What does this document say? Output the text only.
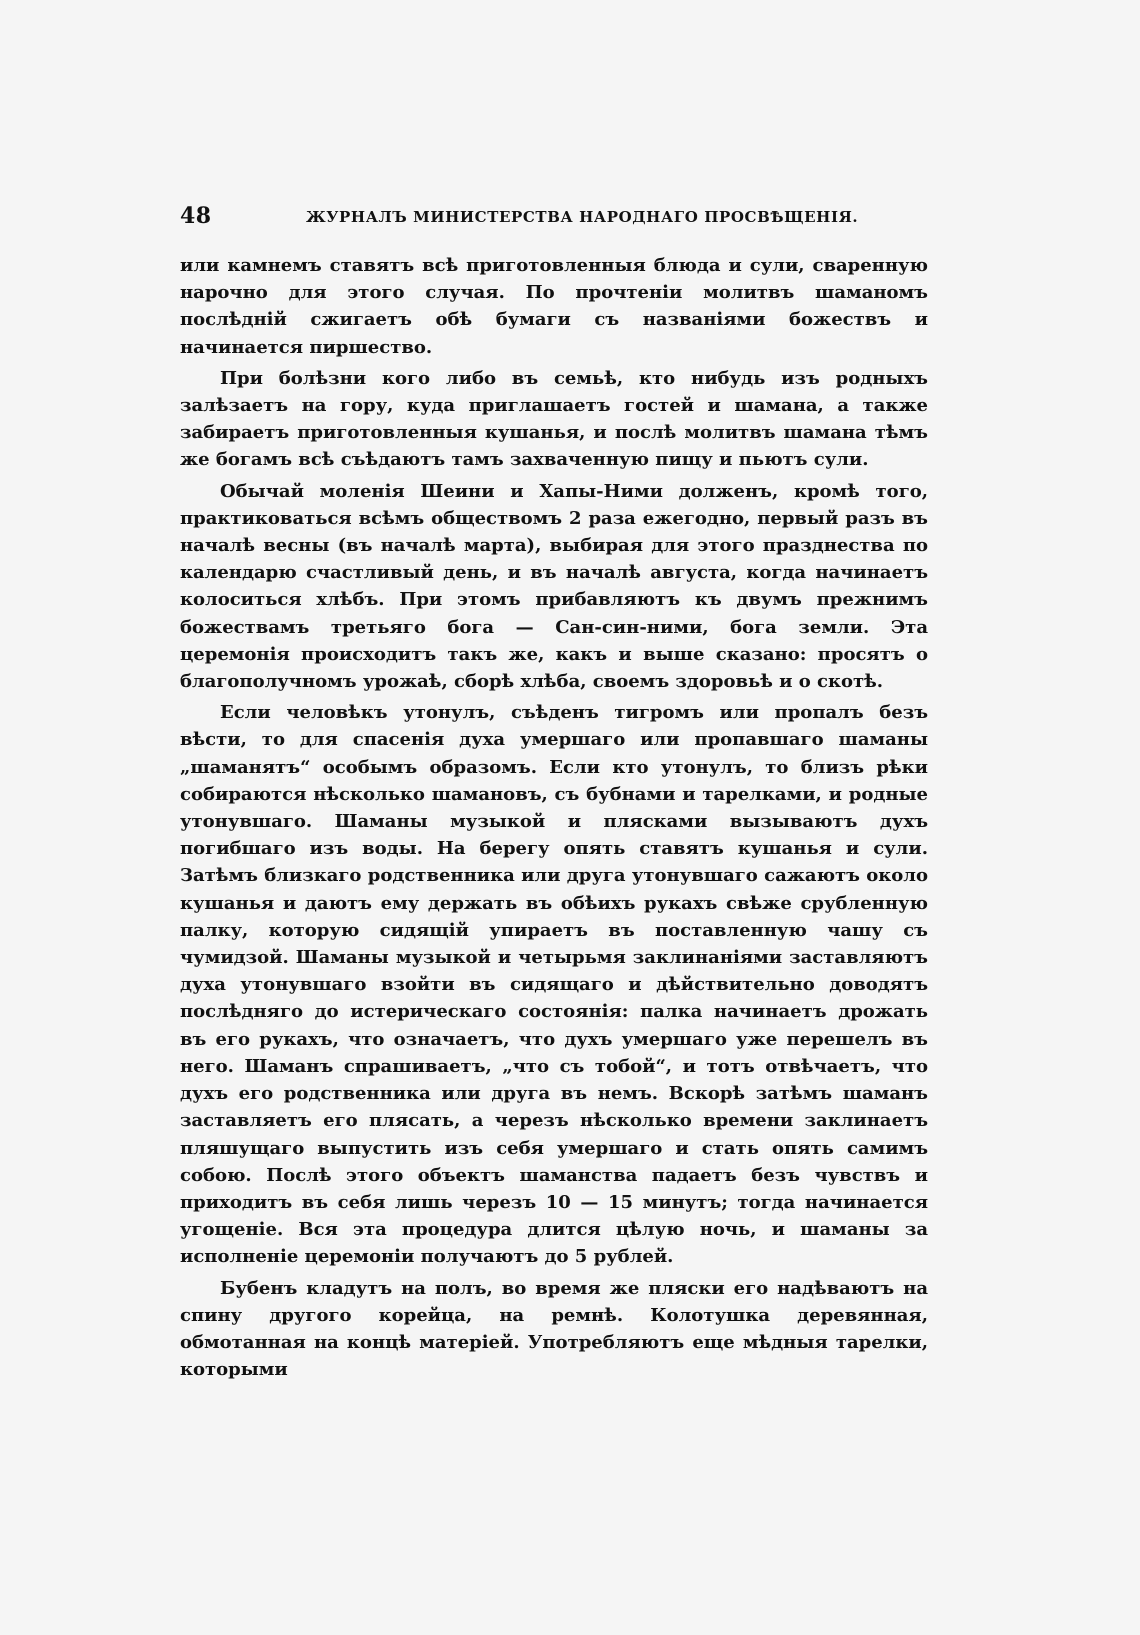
48	ЖУРНАЛЪ МИНИСТЕРСТВА НАРОДНАГО ПРОСВѢЩЕНІЯ.

или камнемъ ставятъ всѣ приготовленныя блюда и сули, сваренную нарочно для этого случая. По прочтеніи молитвъ шаманомъ послѣдній сжигаетъ обѣ бумаги съ названіями божествъ и начинается пиршество.

При болѣзни кого либо въ семьѣ, кто нибудь изъ родныхъ залѣзаетъ на гору, куда приглашаетъ гостей и шамана, а также забираетъ приготовленныя кушанья, и послѣ молитвъ шамана тѣмъ же богамъ всѣ съѣдаютъ тамъ захваченную пищу и пьютъ сули.

Обычай моленія Шеини и Хапы-Ними долженъ, кромѣ того, практиковаться всѣмъ обществомъ 2 раза ежегодно, первый разъ въ началѣ весны (въ началѣ марта), выбирая для этого празднества по календарю счастливый день, и въ началѣ августа, когда начинаетъ колоситься хлѣбъ. При этомъ прибавляютъ къ двумъ прежнимъ божествамъ третьяго бога — Сан-син-ними, бога земли. Эта церемонія происходитъ такъ же, какъ и выше сказано: просятъ о благополучномъ урожаѣ, сборѣ хлѣба, своемъ здоровьѣ и о скотѣ.

Если человѣкъ утонулъ, съѣденъ тигромъ или пропалъ безъ вѣсти, то для спасенія духа умершаго или пропавшаго шаманы „шаманятъ“ особымъ образомъ. Если кто утонулъ, то близъ рѣки собираются нѣсколько шамановъ, съ бубнами и тарелками, и родные утонувшаго. Шаманы музыкой и плясками вызываютъ духъ погибшаго изъ воды. На берегу опять ставятъ кушанья и сули. Затѣмъ близкаго родственника или друга утонувшаго сажаютъ около кушанья и даютъ ему держать въ обѣихъ рукахъ свѣже срубленную палку, которую сидящій упираетъ въ поставленную чашу съ чумидзой. Шаманы музыкой и четырьмя заклинаніями заставляютъ духа утонувшаго взойти въ сидящаго и дѣйствительно доводятъ послѣдняго до истерическаго состоянія: палка начинаетъ дрожать въ его рукахъ, что означаетъ, что духъ умершаго уже перешелъ въ него. Шаманъ спрашиваетъ, „что съ тобой“, и тотъ отвѣчаетъ, что духъ его родственника или друга въ немъ. Вскорѣ затѣмъ шаманъ заставляетъ его плясать, а черезъ нѣсколько времени заклинаетъ пляшущаго выпустить изъ себя умершаго и стать опять самимъ собою. Послѣ этого объектъ шаманства падаетъ безъ чувствъ и приходитъ въ себя лишь черезъ 10 — 15 минутъ; тогда начинается угощеніе. Вся эта процедура длится цѣлую ночь, и шаманы за исполненіе церемоніи получаютъ до 5 рублей.

Бубенъ кладутъ на полъ, во время же пляски его надѣваютъ на спину другого корейца, на ремнѣ. Колотушка деревянная, обмотанная на концѣ матеріей. Употребляютъ еще мѣдныя тарелки, которыми
